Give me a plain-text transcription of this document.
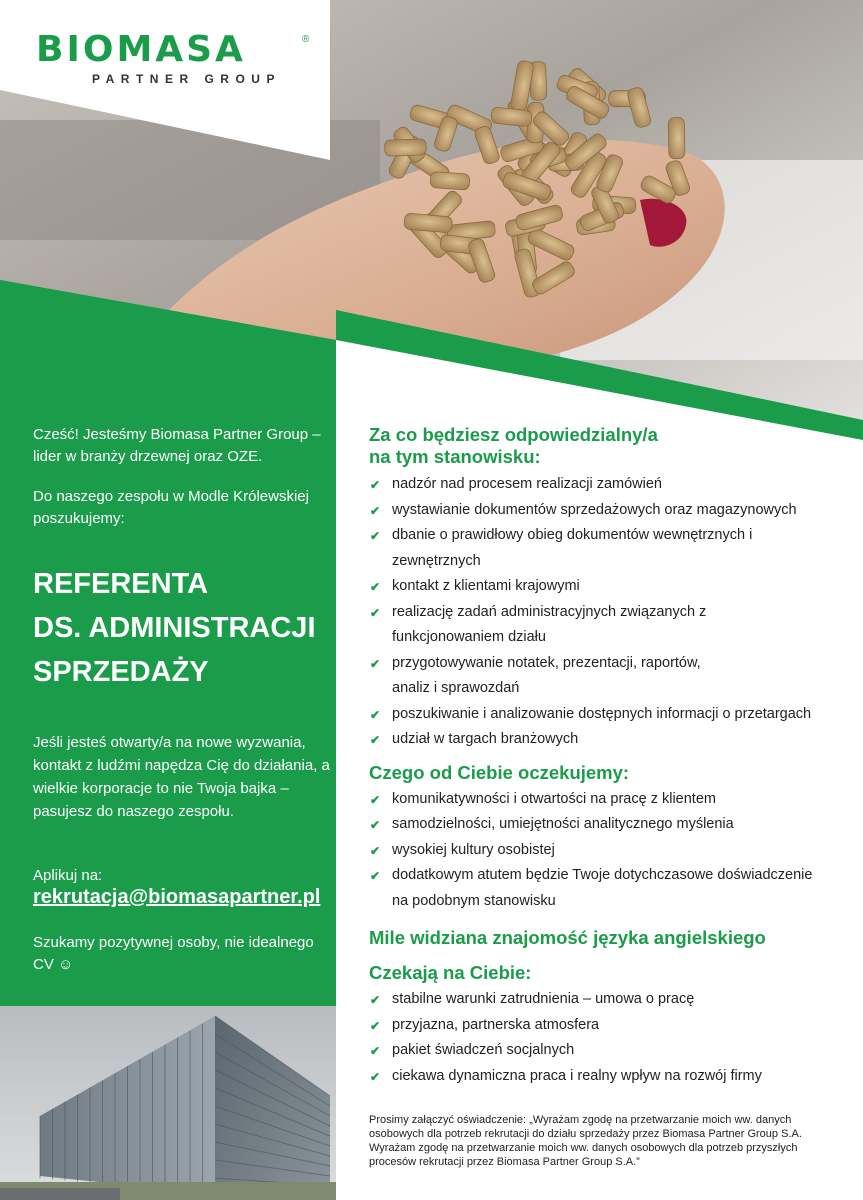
BIOMASA	®
PARTNER GROUP
Cześć! Jesteśmy Biomasa Partner Group – lider w branży drzewnej oraz OZE.
Do naszego zespołu w Modle Królewskiej poszukujemy:
REFERENTA
DS. ADMINISTRACJI
SPRZEDAŻY
Jeśli jesteś otwarty/a na nowe wyzwania, kontakt z ludźmi napędza Cię do działania, a wielkie korporacje to nie Twoja bajka – pasujesz do naszego zespołu.
Aplikuj na:
rekrutacja@biomasapartner.pl
Szukamy pozytywnej osoby, nie idealnego CV ☺
Za co będziesz odpowiedzialny/a na tym stanowisku:
✔ nadzór nad procesem realizacji zamówień
✔ wystawianie dokumentów sprzedażowych oraz magazynowych
✔ dbanie o prawidłowy obieg dokumentów wewnętrznych i zewnętrznych
✔ kontakt z klientami krajowymi
✔ realizację zadań administracyjnych związanych z funkcjonowaniem działu
✔ przygotowywanie notatek, prezentacji, raportów, analiz i sprawozdań
✔ poszukiwanie i analizowanie dostępnych informacji o przetargach
✔ udział w targach branżowych
Czego od Ciebie oczekujemy:
✔ komunikatywności i otwartości na pracę z klientem
✔ samodzielności, umiejętności analitycznego myślenia
✔ wysokiej kultury osobistej
✔ dodatkowym atutem będzie Twoje dotychczasowe doświadczenie na podobnym stanowisku
Mile widziana znajomość języka angielskiego
Czekają na Ciebie:
✔ stabilne warunki zatrudnienia – umowa o pracę
✔ przyjazna, partnerska atmosfera
✔ pakiet świadczeń socjalnych
✔ ciekawa dynamiczna praca i realny wpływ na rozwój firmy
Prosimy załączyć oświadczenie: „Wyrażam zgodę na przetwarzanie moich ww. danych osobowych dla potrzeb rekrutacji do działu sprzedaży przez Biomasa Partner Group S.A. Wyrażam zgodę na przetwarzanie moich ww. danych osobowych dla potrzeb przyszłych procesów rekrutacji przez Biomasa Partner Group S.A.”
